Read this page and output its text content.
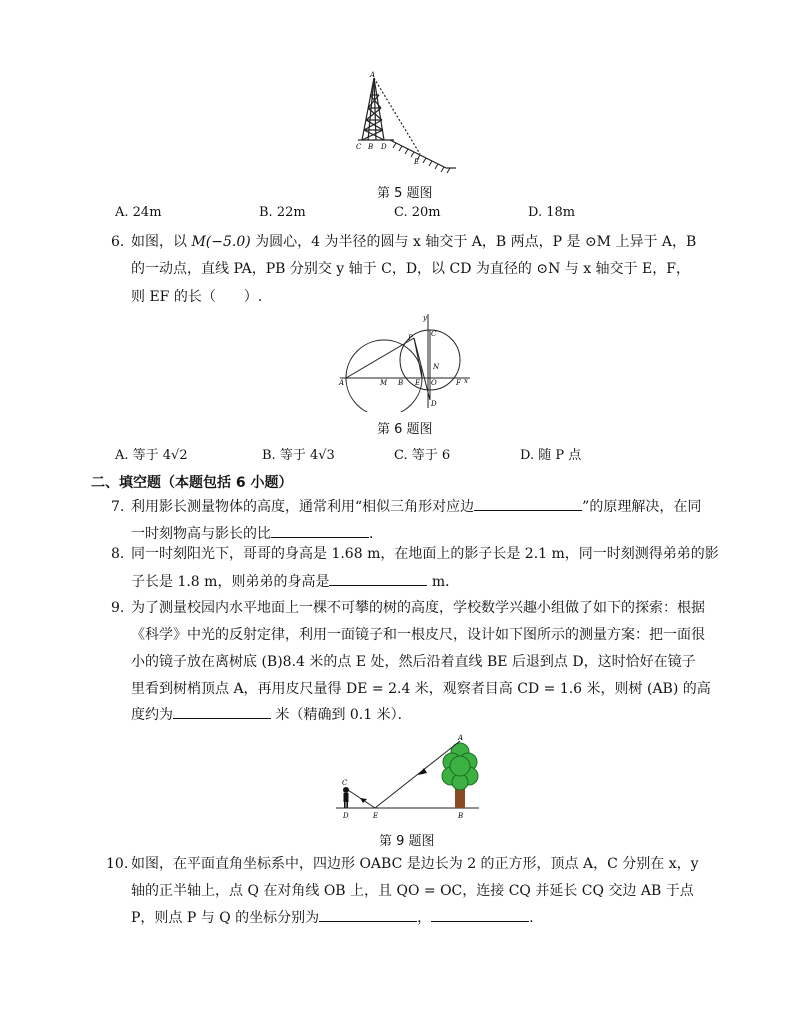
A
C B D
E
第 5 题图
A. 24m	B. 22m	C. 20m	D. 18m
6. 如图，以 M(−5.0) 为圆心，4 为半径的圆与 x 轴交于 A，B 两点，P 是 ⊙M 上异于 A，B
的一动点，直线 PA，PB 分别交 y 轴于 C，D，以 CD 为直径的 ⊙N 与 x 轴交于 E，F，
则 EF 的长（　　）.
A	M B E O	F
P	C
N
D
x
y
第 6 题图
A. 等于 4√2	B. 等于 4√3	C. 等于 6	D. 随 P 点
二、填空题（本题包括 6 小题）
7. 利用影长测量物体的高度，通常利用“相似三角形对应边	”的原理解决，在同
一时刻物高与影长的比	．
8. 同一时刻阳光下，哥哥的身高是 1.68 m，在地面上的影子长是 2.1 m，同一时刻测得弟弟的影
子长是 1.8 m，则弟弟的身高是	m．
9. 为了测量校园内水平地面上一棵不可攀的树的高度，学校数学兴趣小组做了如下的探索：根据
《科学》中光的反射定律，利用一面镜子和一根皮尺，设计如下图所示的测量方案：把一面很
小的镜子放在离树底 (B)8.4 米的点 E 处，然后沿着直线 BE 后退到点 D，这时恰好在镜子
里看到树梢顶点 A，再用皮尺量得 DE = 2.4 米，观察者目高 CD = 1.6 米，则树 (AB) 的高
度约为	米（精确到 0.1 米）．
A
C
D	E	B
第 9 题图
10. 如图，在平面直角坐标系中，四边形 OABC 是边长为 2 的正方形，顶点 A，C 分别在 x，y
轴的正半轴上，点 Q 在对角线 OB 上，且 QO = OC，连接 CQ 并延长 CQ 交边 AB 于点
P，则点 P 与 Q 的坐标分别为	，	.
